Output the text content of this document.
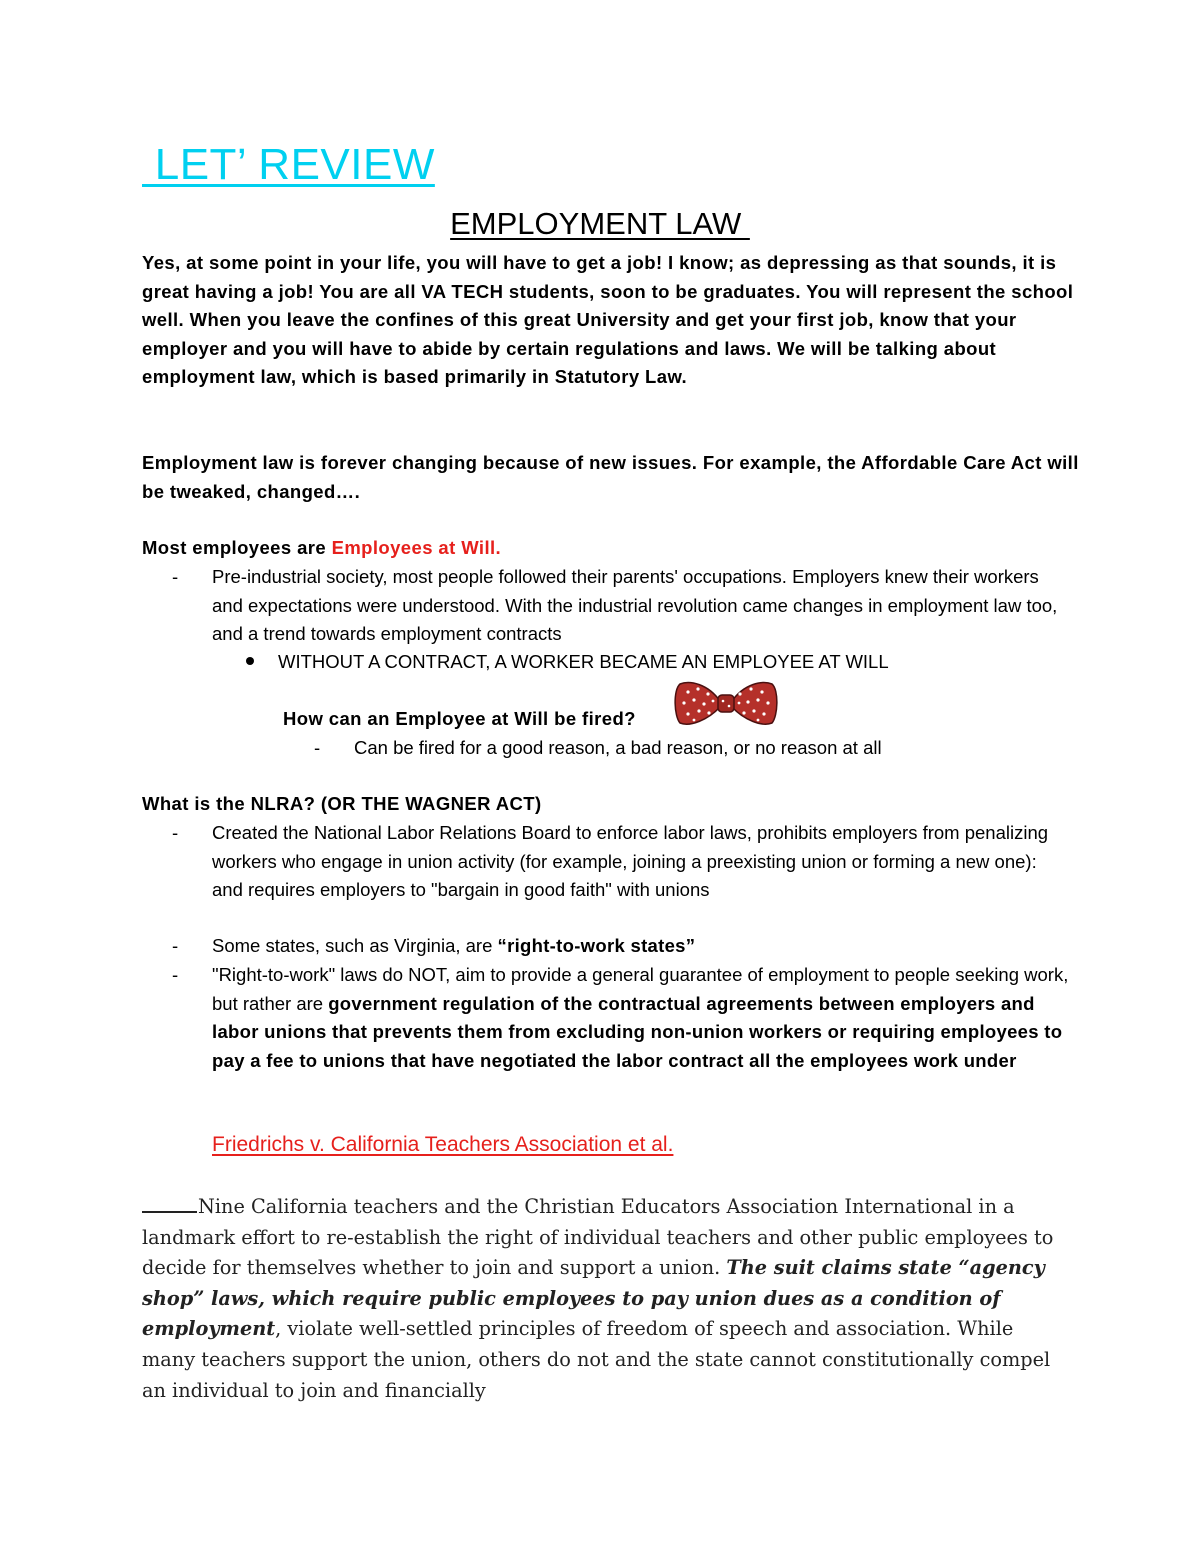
LET’ REVIEW
EMPLOYMENT LAW

Yes, at some point in your life, you will have to get a job! I know; as depressing as that sounds, it is great having a job! You are all VA TECH students, soon to be graduates. You will represent the school well. When you leave the confines of this great University and get your first job, know that your employer and you will have to abide by certain regulations and laws. We will be talking about employment law, which is based primarily in Statutory Law.

Employment law is forever changing because of new issues. For example, the Affordable Care Act will be tweaked, changed….

Most employees are Employees at Will.

- Pre-industrial society, most people followed their parents' occupations. Employers knew their workers and expectations were understood. With the industrial revolution came changes in employment law too, and a trend towards employment contracts
WITHOUT A CONTRACT, A WORKER BECAME AN EMPLOYEE AT WILL

How can an Employee at Will be fired?

- Can be fired for a good reason, a bad reason, or no reason at all

What is the NLRA? (OR THE WAGNER ACT)

- Created the National Labor Relations Board to enforce labor laws, prohibits employers from penalizing workers who engage in union activity (for example, joining a preexisting union or forming a new one): and requires employers to "bargain in good faith" with unions
- Some states, such as Virginia, are “right-to-work states”
- "Right-to-work" laws do NOT, aim to provide a general guarantee of employment to people seeking work, but rather are government regulation of the contractual agreements between employers and labor unions that prevents them from excluding non-union workers or requiring employees to pay a fee to unions that have negotiated the labor contract all the employees work under
Friedrichs v. California Teachers Association et al.

Nine California teachers and the Christian Educators Association International in a landmark effort to re-establish the right of individual teachers and other public employees to decide for themselves whether to join and support a union. The suit claims state “agency shop” laws, which require public employees to pay union dues as a condition of employment, violate well-settled principles of freedom of speech and association. While many teachers support the union, others do not and the state cannot constitutionally compel an individual to join and financially
